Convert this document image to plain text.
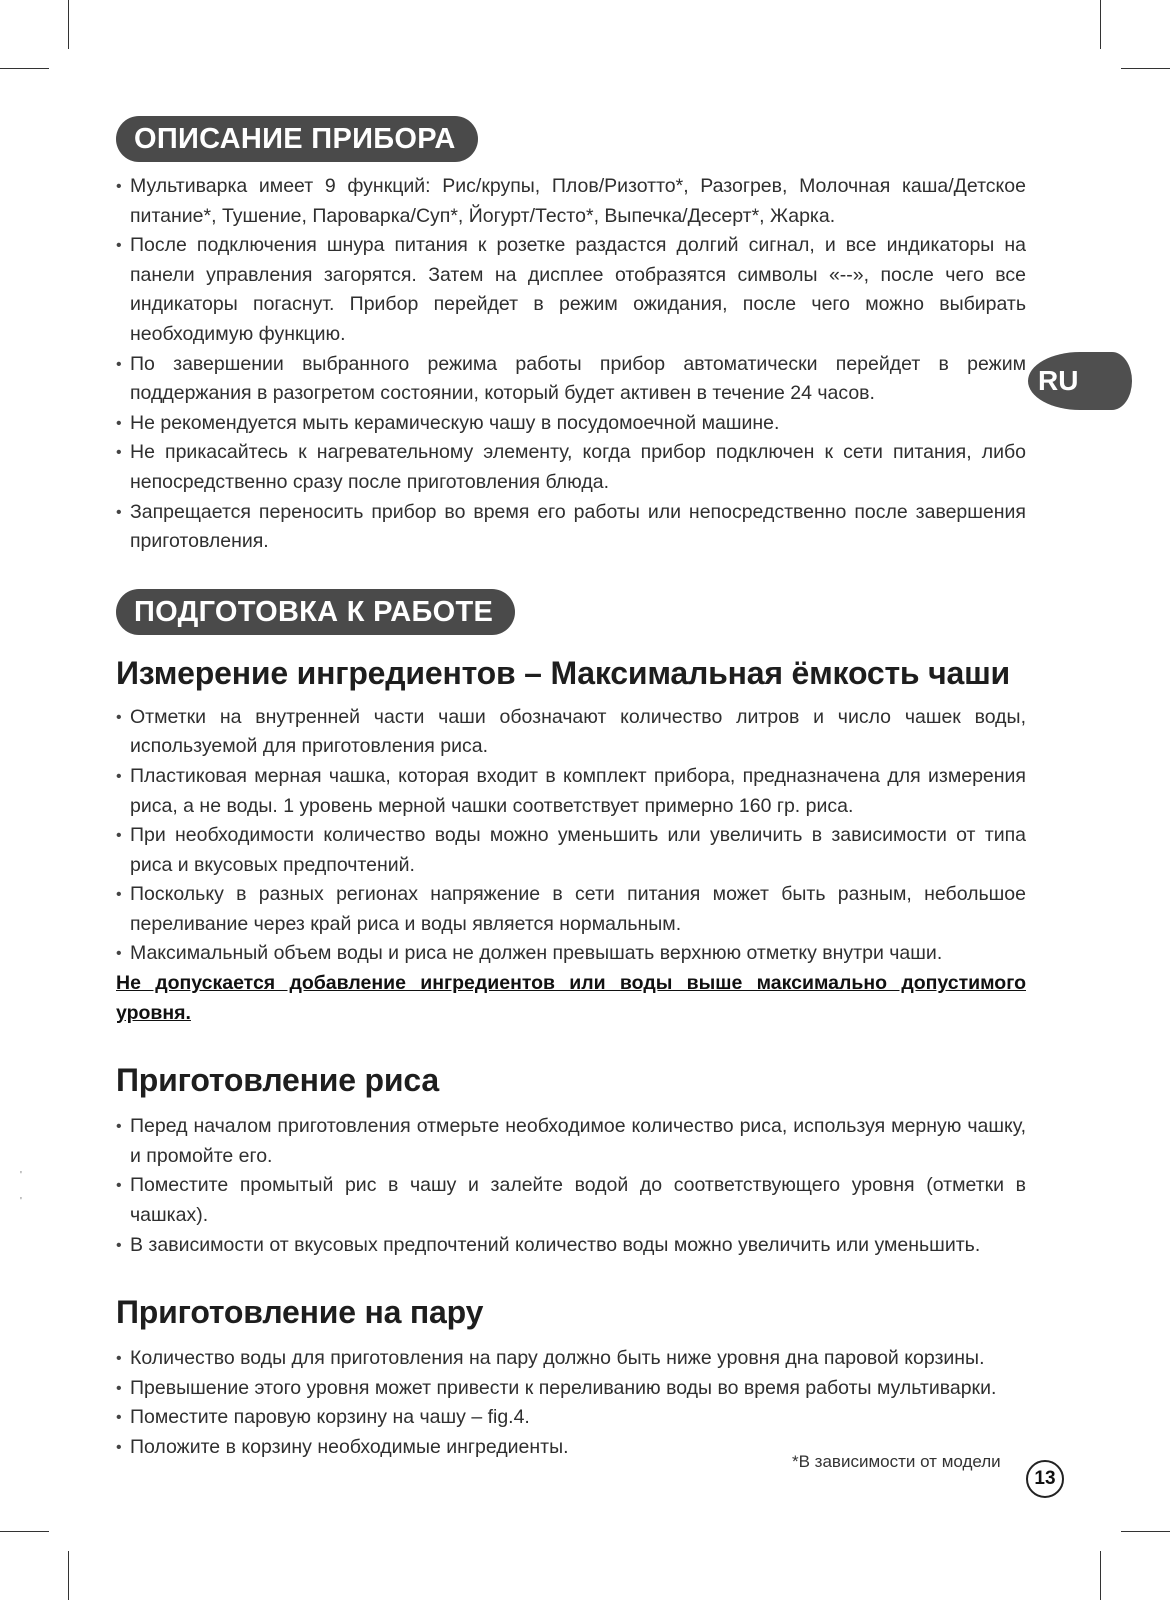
'
'
ОПИСАНИЕ ПРИБОРА
• Мультиварка имеет 9 функций: Рис/крупы, Плов/Ризотто*, Разогрев, Молочная каша/Детское питание*, Тушение, Пароварка/Суп*, Йогурт/Тесто*, Выпечка/Десерт*, Жарка.
• После подключения шнура питания к розетке раздастся долгий сигнал, и все индикаторы на панели управления загорятся. Затем на дисплее отобразятся символы «--», после чего все индикаторы погаснут. Прибор перейдет в режим ожидания, после чего можно выбирать необходимую функцию.
• По завершении выбранного режима работы прибор автоматически перейдет в режим поддержания в разогретом состоянии, который будет активен в течение 24 часов.
• Не рекомендуется мыть керамическую чашу в посудомоечной машине.
• Не прикасайтесь к нагревательному элементу, когда прибор подключен к сети питания, либо непосредственно сразу после приготовления блюда.
• Запрещается переносить прибор во время его работы или непосредственно после завершения приготовления.
ПОДГОТОВКА К РАБОТЕ
Измерение ингредиентов – Максимальная ёмкость чаши
• Отметки на внутренней части чаши обозначают количество литров и число чашек воды, используемой для приготовления риса.
• Пластиковая мерная чашка, которая входит в комплект прибора, предназначена для измерения риса, а не воды. 1 уровень мерной чашки соответствует примерно 160 гр. риса.
• При необходимости количество воды можно уменьшить или увеличить в зависимости от типа риса и вкусовых предпочтений.
• Поскольку в разных регионах напряжение в сети питания может быть разным, небольшое переливание через край риса и воды является нормальным.
• Максимальный объем воды и риса не должен превышать верхнюю отметку внутри чаши.

Не допускается добавление ингредиентов или воды выше максимально допустимого уровня.

Приготовление риса
• Перед началом приготовления отмерьте необходимое количество риса, используя мерную чашку, и промойте его.
• Поместите промытый рис в чашу и залейте водой до соответствующего уровня (отметки в чашках).
• В зависимости от вкусовых предпочтений количество воды можно увеличить или уменьшить.
Приготовление на пару
• Количество воды для приготовления на пару должно быть ниже уровня дна паровой корзины.
• Превышение этого уровня может привести к переливанию воды во время работы мультиварки.
• Поместите паровую корзину на чашу – fig.4.
• Положите в корзину необходимые ингредиенты.
RU
*В зависимости от модели
13
